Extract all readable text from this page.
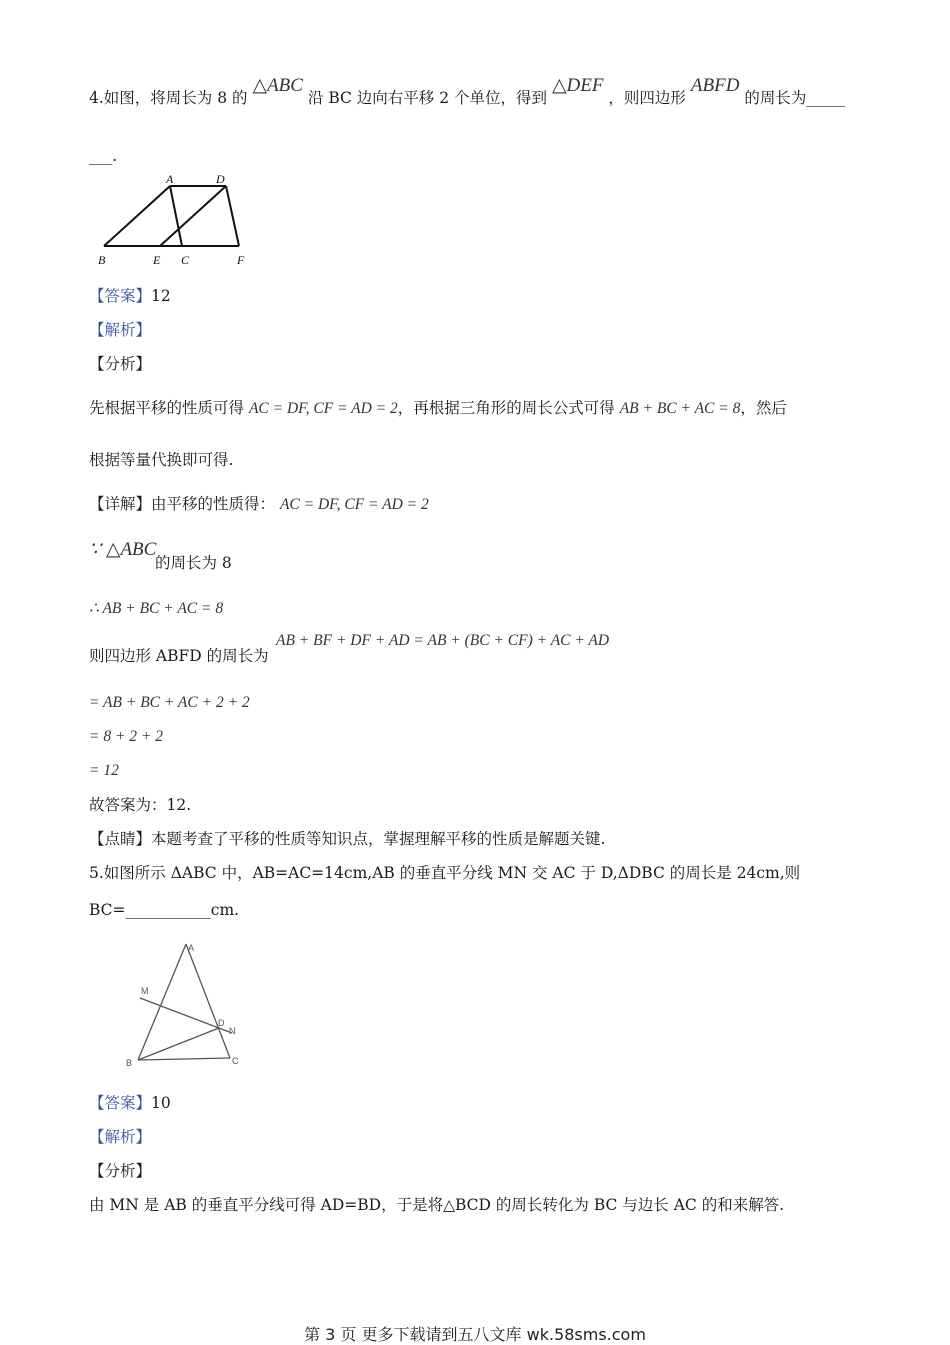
4.如图，将周长为 8 的 △ABC 沿 BC 边向右平移 2 个单位，得到 △DEF ，则四边形 ABFD 的周长为_____
___.
A	D
B	E C	F
【答案】12
【解析】
【分析】
先根据平移的性质可得 AC = DF, CF = AD = 2，再根据三角形的周长公式可得 AB + BC + AC = 8，然后
根据等量代换即可得.
【详解】由平移的性质得： AC = DF, CF = AD = 2
∵ △ABC
的周长为 8
∴ AB + BC + AC = 8
AB + BF + DF + AD = AB + (BC + CF) + AC + AD
则四边形 ABFD 的周长为
= AB + BC + AC + 2 + 2
= 8 + 2 + 2
= 12
故答案为：12.
【点睛】本题考查了平移的性质等知识点，掌握理解平移的性质是解题关键.
5.如图所示 ΔABC 中，AB=AC=14cm,AB 的垂直平分线 MN 交 AC 于 D,ΔDBC 的周长是 24cm,则
BC=___________cm.
A
M
D
N
B	C
【答案】10
【解析】
【分析】
由 MN 是 AB 的垂直平分线可得 AD=BD，于是将△BCD 的周长转化为 BC 与边长 AC 的和来解答.
第 3 页 更多下载请到五八文库 wk.58sms.com
